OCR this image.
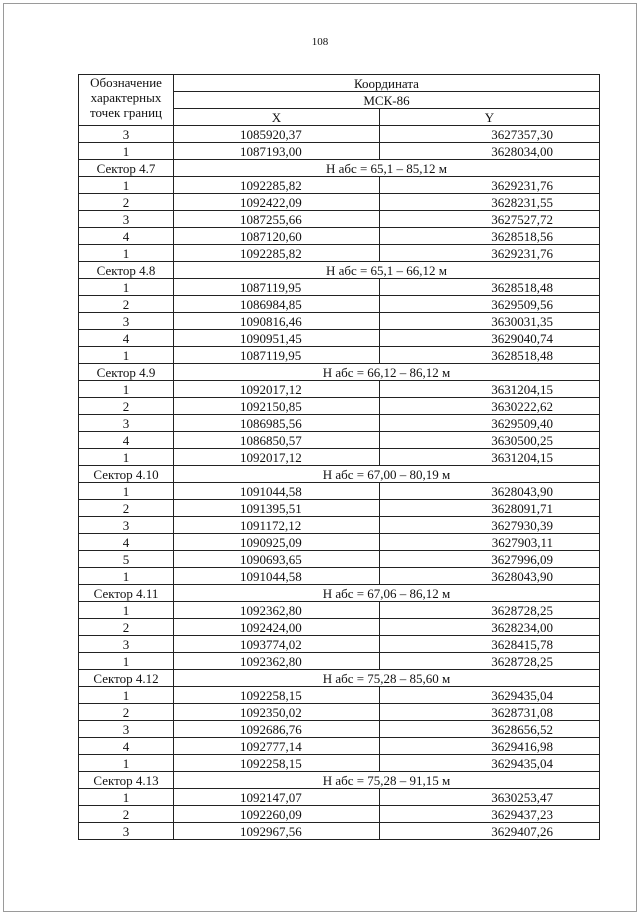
108
Обозначение
характерных
точек границ	Координата	
	МСК-86	
	X	Y
3	1085920,37	3627357,30
1	1087193,00	3628034,00
Сектор 4.7	Н абс = 65,1 – 85,12 м	
1	1092285,82	3629231,76
2	1092422,09	3628231,55
3	1087255,66	3627527,72
4	1087120,60	3628518,56
1	1092285,82	3629231,76
Сектор 4.8	Н абс = 65,1 – 66,12 м	
1	1087119,95	3628518,48
2	1086984,85	3629509,56
3	1090816,46	3630031,35
4	1090951,45	3629040,74
1	1087119,95	3628518,48
Сектор 4.9	Н абс = 66,12 – 86,12 м	
1	1092017,12	3631204,15
2	1092150,85	3630222,62
3	1086985,56	3629509,40
4	1086850,57	3630500,25
1	1092017,12	3631204,15
Сектор 4.10	Н абс = 67,00 – 80,19 м	
1	1091044,58	3628043,90
2	1091395,51	3628091,71
3	1091172,12	3627930,39
4	1090925,09	3627903,11
5	1090693,65	3627996,09
1	1091044,58	3628043,90
Сектор 4.11	Н абс = 67,06 – 86,12 м	
1	1092362,80	3628728,25
2	1092424,00	3628234,00
3	1093774,02	3628415,78
1	1092362,80	3628728,25
Сектор 4.12	Н абс = 75,28 – 85,60 м	
1	1092258,15	3629435,04
2	1092350,02	3628731,08
3	1092686,76	3628656,52
4	1092777,14	3629416,98
1	1092258,15	3629435,04
Сектор 4.13	Н абс = 75,28 – 91,15 м	
1	1092147,07	3630253,47
2	1092260,09	3629437,23
3	1092967,56	3629407,26
